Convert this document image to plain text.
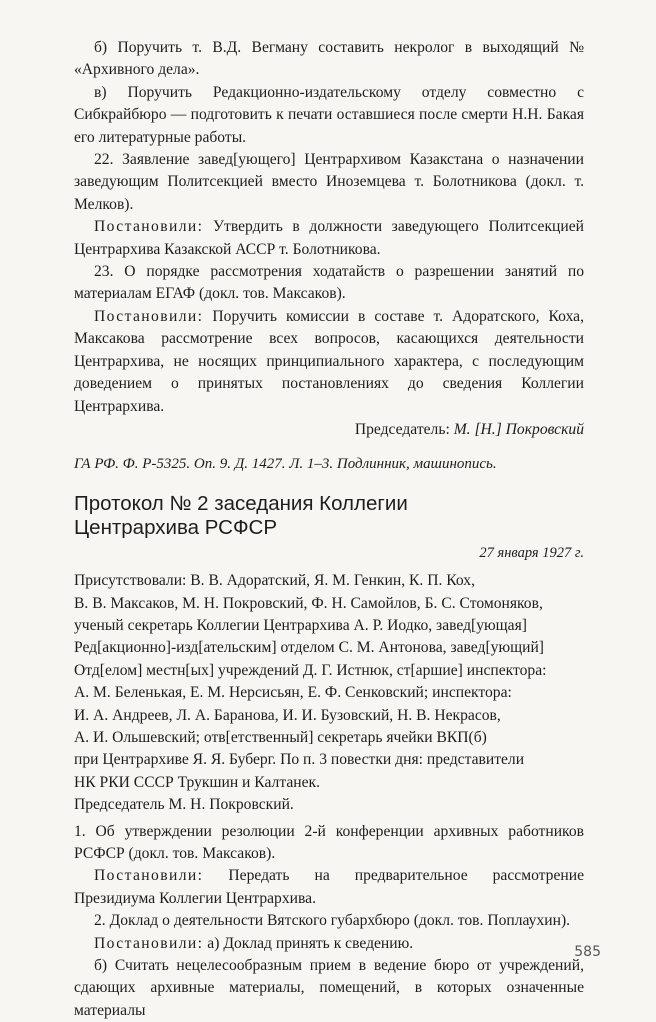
б) Поручить т. В.Д. Вегману составить некролог в выходящий № «Архивного дела».

в) Поручить Редакционно-издательскому отделу совместно с Сибкрайбюро — подготовить к печати оставшиеся после смерти Н.Н. Бакая его литературные работы.

22. Заявление завед[ующего] Центрархивом Казакстана о назначении заведующим Политсекцией вместо Иноземцева т. Болотникова (докл. т. Мелков).

Постановили: Утвердить в должности заведующего Политсекцией Центрархива Казакской АССР т. Болотникова.

23. О порядке рассмотрения ходатайств о разрешении занятий по материалам ЕГАФ (докл. тов. Максаков).

Постановили: Поручить комиссии в составе т. Адоратского, Коха, Максакова рассмотрение всех вопросов, касающихся деятельности Центрархива, не носящих принципиального характера, с последующим доведением о принятых постановлениях до сведения Коллегии Центрархива.

Председатель: М. [Н.] Покровский

ГА РФ. Ф. Р-5325. Оп. 9. Д. 1427. Л. 1–3. Подлинник, машинопись.

Протокол № 2 заседания Коллегии
Центрархива РСФСР

27 января 1927 г.

Присутствовали: В. В. Адоратский, Я. М. Генкин, К. П. Кох,

В. В. Максаков, М. Н. Покровский, Ф. Н. Самойлов, Б. С. Стомоняков,

ученый секретарь Коллегии Центрархива А. Р. Иодко, завед[ующая]

Ред[акционно]-изд[ательским] отделом С. М. Антонова, завед[ующий]

Отд[елом] местн[ых] учреждений Д. Г. Истнюк, ст[аршие] инспектора:

А. М. Беленькая, Е. М. Нерсисьян, Е. Ф. Сенковский; инспектора:

И. А. Андреев, Л. А. Баранова, И. И. Бузовский, Н. В. Некрасов,

А. И. Ольшевский; отв[етственный] секретарь ячейки ВКП(б)

при Центрархиве Я. Я. Буберг. По п. 3 повестки дня: представители

НК РКИ СССР Трукшин и Калтанек.

Председатель М. Н. Покровский.

1. Об утверждении резолюции 2-й конференции архивных работников РСФСР (докл. тов. Максаков).

Постановили: Передать на предварительное рассмотрение Президиума Коллегии Центрархива.

2. Доклад о деятельности Вятского губархбюро (докл. тов. Поплаухин).

Постановили: а) Доклад принять к сведению.

б) Считать нецелесообразным прием в ведение бюро от учреждений, сдающих архивные материалы, помещений, в которых означенные материалы

585
